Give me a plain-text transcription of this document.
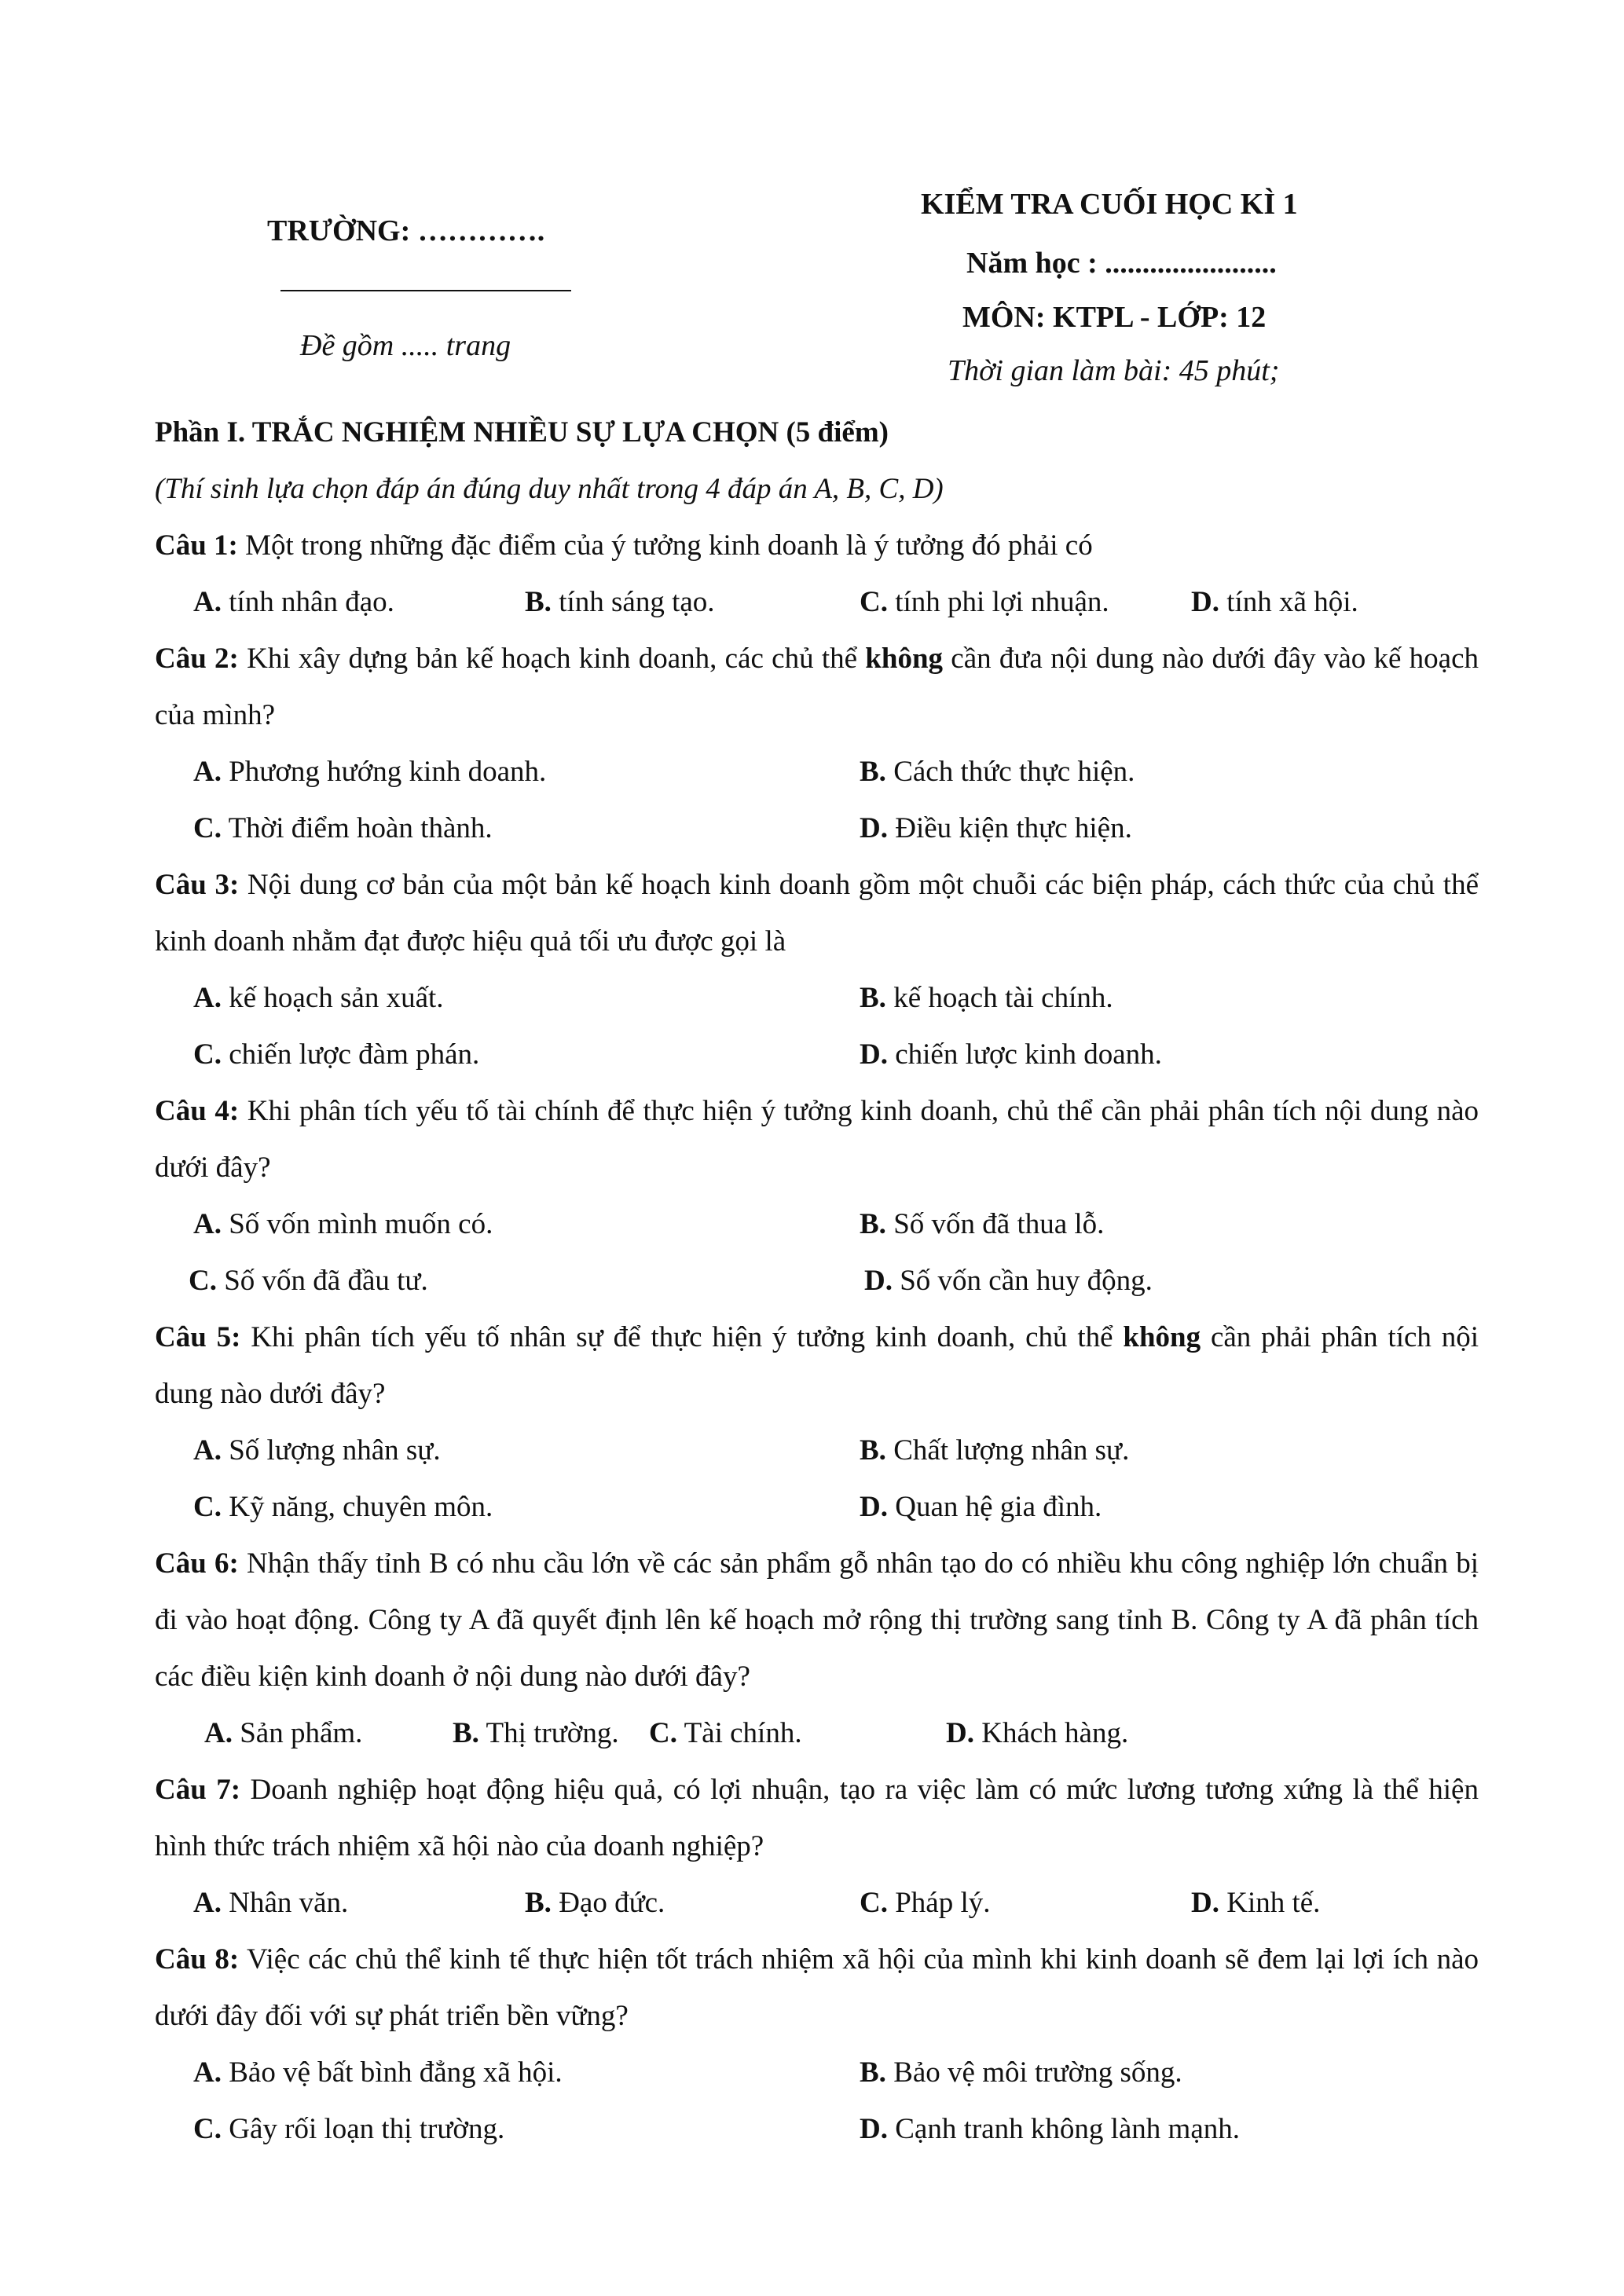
TRƯỜNG: ………….
Đề gồm ..... trang
KIỂM TRA CUỐI HỌC KÌ 1
Năm học : .......................
MÔN: KTPL - LỚP: 12
Thời gian làm bài: 45 phút;
Phần I. TRẮC NGHIỆM NHIỀU SỰ LỰA CHỌN (5 điểm)
(Thí sinh lựa chọn đáp án đúng duy nhất trong 4 đáp án A, B, C, D)
Câu 1: Một trong những đặc điểm của ý tưởng kinh doanh là ý tưởng đó phải có
A. tính nhân đạo.	B. tính sáng tạo.	C. tính phi lợi nhuận.	D. tính xã hội.
Câu 2: Khi xây dựng bản kế hoạch kinh doanh, các chủ thể không cần đưa nội dung nào dưới đây vào kế hoạch của mình?
A. Phương hướng kinh doanh.	B. Cách thức thực hiện.
C. Thời điểm hoàn thành.	D. Điều kiện thực hiện.
Câu 3: Nội dung cơ bản của một bản kế hoạch kinh doanh gồm một chuỗi các biện pháp, cách thức của chủ thể kinh doanh nhằm đạt được hiệu quả tối ưu được gọi là
A. kế hoạch sản xuất.	B. kế hoạch tài chính.
C. chiến lược đàm phán.	D. chiến lược kinh doanh.
Câu 4: Khi phân tích yếu tố tài chính để thực hiện ý tưởng kinh doanh, chủ thể cần phải phân tích nội dung nào dưới đây?
A. Số vốn mình muốn có.	B. Số vốn đã thua lỗ.
C. Số vốn đã đầu tư.	D. Số vốn cần huy động.
Câu 5: Khi phân tích yếu tố nhân sự để thực hiện ý tưởng kinh doanh, chủ thể không cần phải phân tích nội dung nào dưới đây?
A. Số lượng nhân sự.	B. Chất lượng nhân sự.
C. Kỹ năng, chuyên môn.	D. Quan hệ gia đình.
Câu 6: Nhận thấy tỉnh B có nhu cầu lớn về các sản phẩm gỗ nhân tạo do có nhiều khu công nghiệp lớn chuẩn bị đi vào hoạt động. Công ty A đã quyết định lên kế hoạch mở rộng thị trường sang tỉnh B. Công ty A đã phân tích các điều kiện kinh doanh ở nội dung nào dưới đây?
A. Sản phẩm.	B. Thị trường. C. Tài chính.	D. Khách hàng.
Câu 7: Doanh nghiệp hoạt động hiệu quả, có lợi nhuận, tạo ra việc làm có mức lương tương xứng là thể hiện hình thức trách nhiệm xã hội nào của doanh nghiệp?
A. Nhân văn.	B. Đạo đức.	C. Pháp lý.	D. Kinh tế.
Câu 8: Việc các chủ thể kinh tế thực hiện tốt trách nhiệm xã hội của mình khi kinh doanh sẽ đem lại lợi ích nào dưới đây đối với sự phát triển bền vững?
A. Bảo vệ bất bình đẳng xã hội.	B. Bảo vệ môi trường sống.
C. Gây rối loạn thị trường.	D. Cạnh tranh không lành mạnh.
